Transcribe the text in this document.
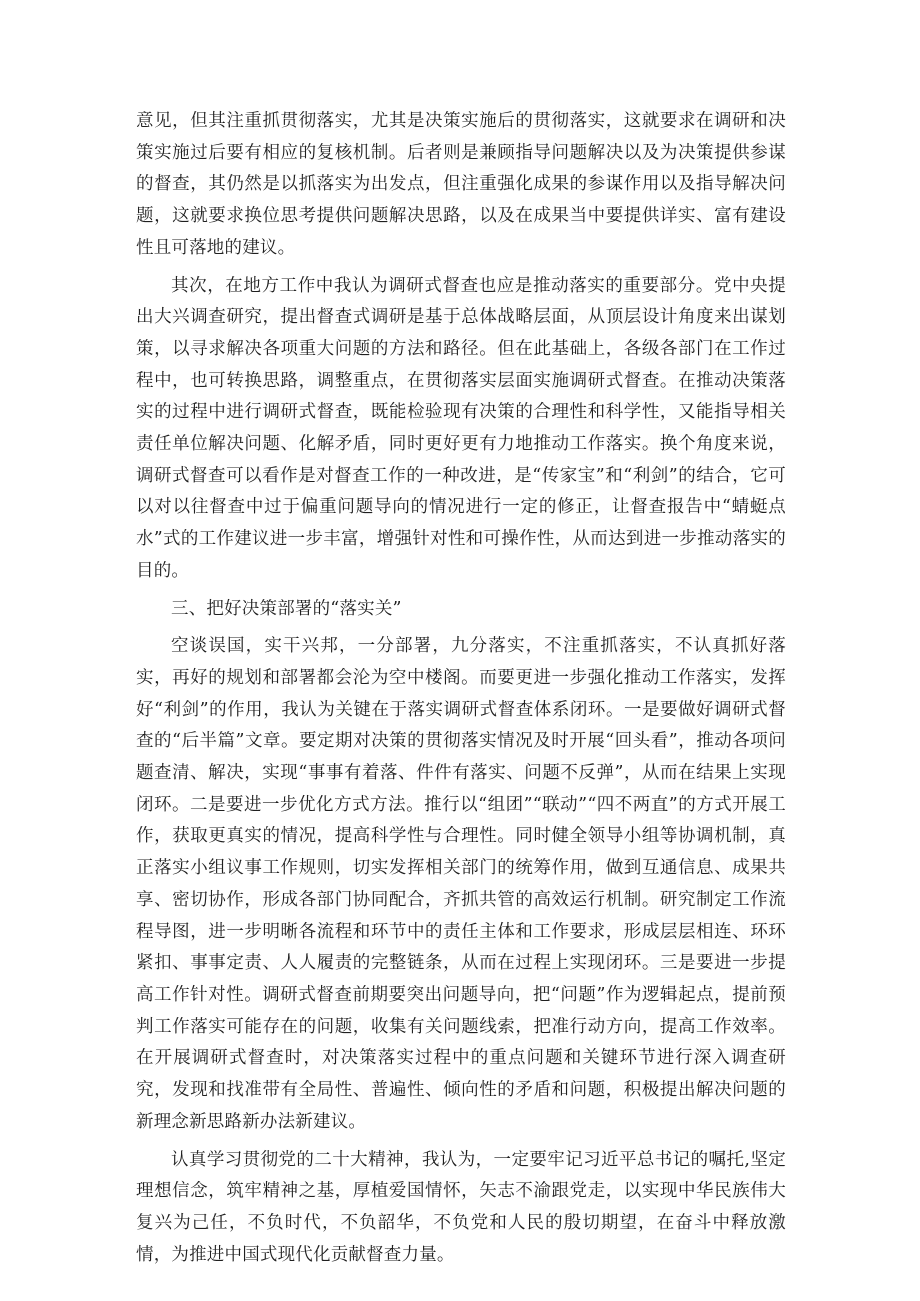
意见，但其注重抓贯彻落实，尤其是决策实施后的贯彻落实，这就要求在调研和决策实施过后要有相应的复核机制。后者则是兼顾指导问题解决以及为决策提供参谋的督查，其仍然是以抓落实为出发点，但注重强化成果的参谋作用以及指导解决问题，这就要求换位思考提供问题解决思路，以及在成果当中要提供详实、富有建设性且可落地的建议。

其次，在地方工作中我认为调研式督查也应是推动落实的重要部分。党中央提出大兴调查研究，提出督查式调研是基于总体战略层面，从顶层设计角度来出谋划策，以寻求解决各项重大问题的方法和路径。但在此基础上，各级各部门在工作过程中，也可转换思路，调整重点，在贯彻落实层面实施调研式督查。在推动决策落实的过程中进行调研式督查，既能检验现有决策的合理性和科学性，又能指导相关责任单位解决问题、化解矛盾，同时更好更有力地推动工作落实。换个角度来说，调研式督查可以看作是对督查工作的一种改进，是“传家宝”和“利剑”的结合，它可以对以往督查中过于偏重问题导向的情况进行一定的修正，让督查报告中“蜻蜓点水”式的工作建议进一步丰富，增强针对性和可操作性，从而达到进一步推动落实的目的。

三、把好决策部署的“落实关”

空谈误国，实干兴邦，一分部署，九分落实，不注重抓落实，不认真抓好落实，再好的规划和部署都会沦为空中楼阁。而要更进一步强化推动工作落实，发挥好“利剑”的作用，我认为关键在于落实调研式督查体系闭环。一是要做好调研式督查的“后半篇”文章。要定期对决策的贯彻落实情况及时开展“回头看”，推动各项问题查清、解决，实现“事事有着落、件件有落实、问题不反弹”，从而在结果上实现闭环。二是要进一步优化方式方法。推行以“组团”“联动”“四不两直”的方式开展工作，获取更真实的情况，提高科学性与合理性。同时健全领导小组等协调机制，真正落实小组议事工作规则，切实发挥相关部门的统筹作用，做到互通信息、成果共享、密切协作，形成各部门协同配合，齐抓共管的高效运行机制。研究制定工作流程导图，进一步明晰各流程和环节中的责任主体和工作要求，形成层层相连、环环紧扣、事事定责、人人履责的完整链条，从而在过程上实现闭环。三是要进一步提高工作针对性。调研式督查前期要突出问题导向，把“问题”作为逻辑起点，提前预判工作落实可能存在的问题，收集有关问题线索，把准行动方向，提高工作效率。在开展调研式督查时，对决策落实过程中的重点问题和关键环节进行深入调查研究，发现和找准带有全局性、普遍性、倾向性的矛盾和问题，积极提出解决问题的新理念新思路新办法新建议。

认真学习贯彻党的二十大精神，我认为，一定要牢记习近平总书记的嘱托,坚定理想信念，筑牢精神之基，厚植爱国情怀，矢志不渝跟党走，以实现中华民族伟大复兴为己任，不负时代，不负韶华，不负党和人民的殷切期望，在奋斗中释放激情，为推进中国式现代化贡献督查力量。
